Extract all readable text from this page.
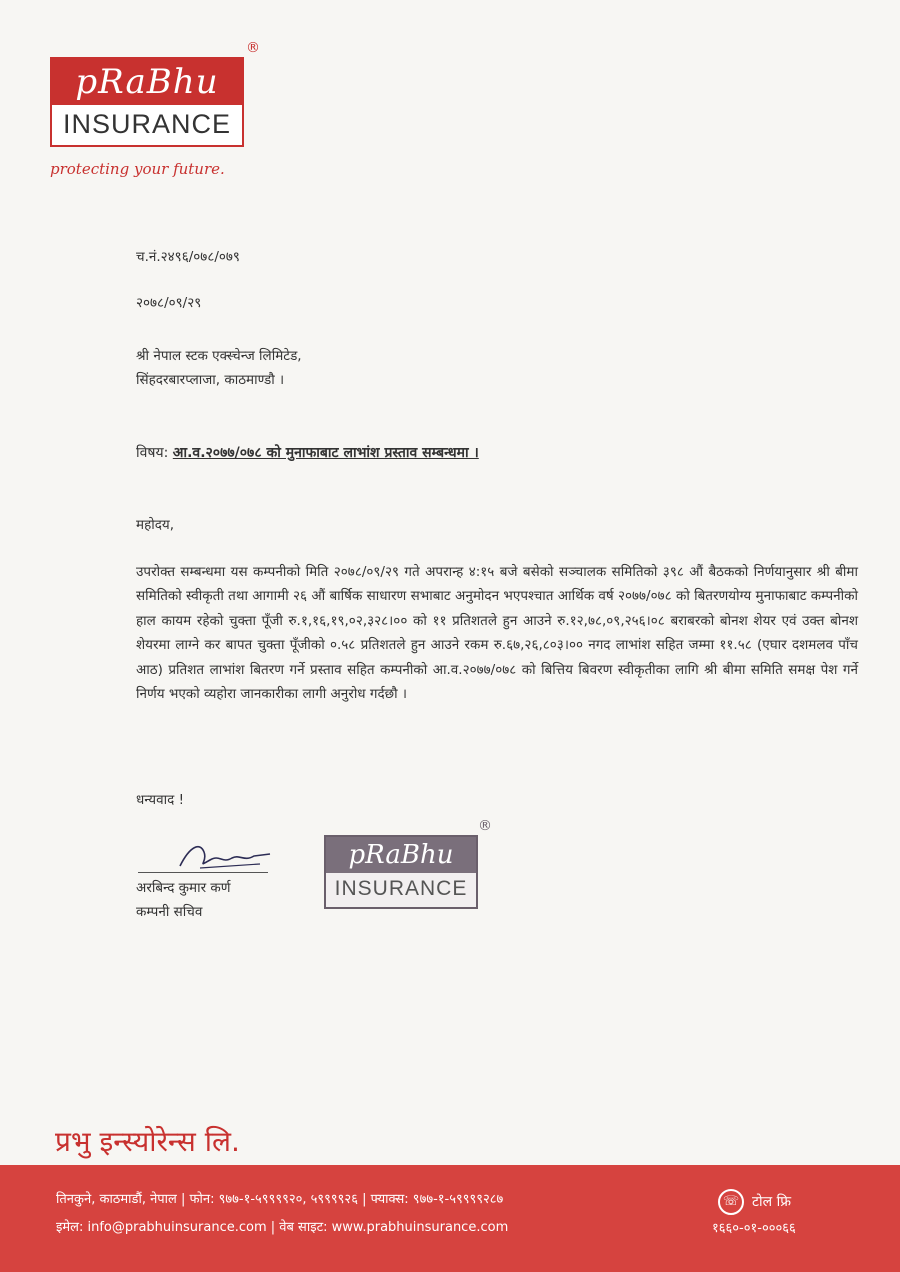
pRaBhu
INSURANCE
®
protecting your future.
च.नं.२४९६/०७८/०७९
२०७८/०९/२९
श्री नेपाल स्टक एक्स्चेन्ज लिमिटेड,
सिंहदरबारप्लाजा, काठमाण्डौ ।
विषय: आ.व.२०७७/०७८ को मुनाफाबाट लाभांश प्रस्ताव सम्बन्धमा ।
महोदय,
उपरोक्त सम्बन्धमा यस कम्पनीको मिति २०७८/०९/२९ गते अपरान्ह ४:१५ बजे बसेको सञ्चालक समितिको ३९८ औं बैठकको निर्णयानुसार श्री बीमा समितिको स्वीकृती तथा आगामी २६ औं बार्षिक साधारण सभाबाट अनुमोदन भएपश्चात आर्थिक वर्ष २०७७/०७८ को बितरणयोग्य मुनाफाबाट कम्पनीको हाल कायम रहेको चुक्ता पूँजी रु.१,१६,१९,०२,३२८।०० को ११ प्रतिशतले हुन आउने रु.१२,७८,०९,२५६।०८ बराबरको बोनश शेयर एवं उक्त बोनश शेयरमा लाग्ने कर बापत चुक्ता पूँजीको ०.५८ प्रतिशतले हुन आउने रकम रु.६७,२६,८०३।०० नगद लाभांश सहित जम्मा ११.५८ (एघार दशमलव पाँच आठ) प्रतिशत लाभांश बितरण गर्ने प्रस्ताव सहित कम्पनीको आ.व.२०७७/०७८ को बित्तिय बिवरण स्वीकृतीका लागि श्री बीमा समिति समक्ष पेश गर्ने निर्णय भएको व्यहोरा जानकारीका लागी अनुरोध गर्दछौ ।
धन्यवाद !
अरबिन्द कुमार कर्ण
कम्पनी सचिव
pRaBhu
INSURANCE
®
प्रभु इन्स्योरेन्स लि.
तिनकुने, काठमाडौं, नेपाल | फोन: ९७७-१-५९९९९२०, ५९९९९२६ | फ्याक्स: ९७७-१-५९९९९२८७
इमेल: info@prabhuinsurance.com | वेब साइट: www.prabhuinsurance.com
☏ टोल फ्रि
१६६०-०१-०००६६
